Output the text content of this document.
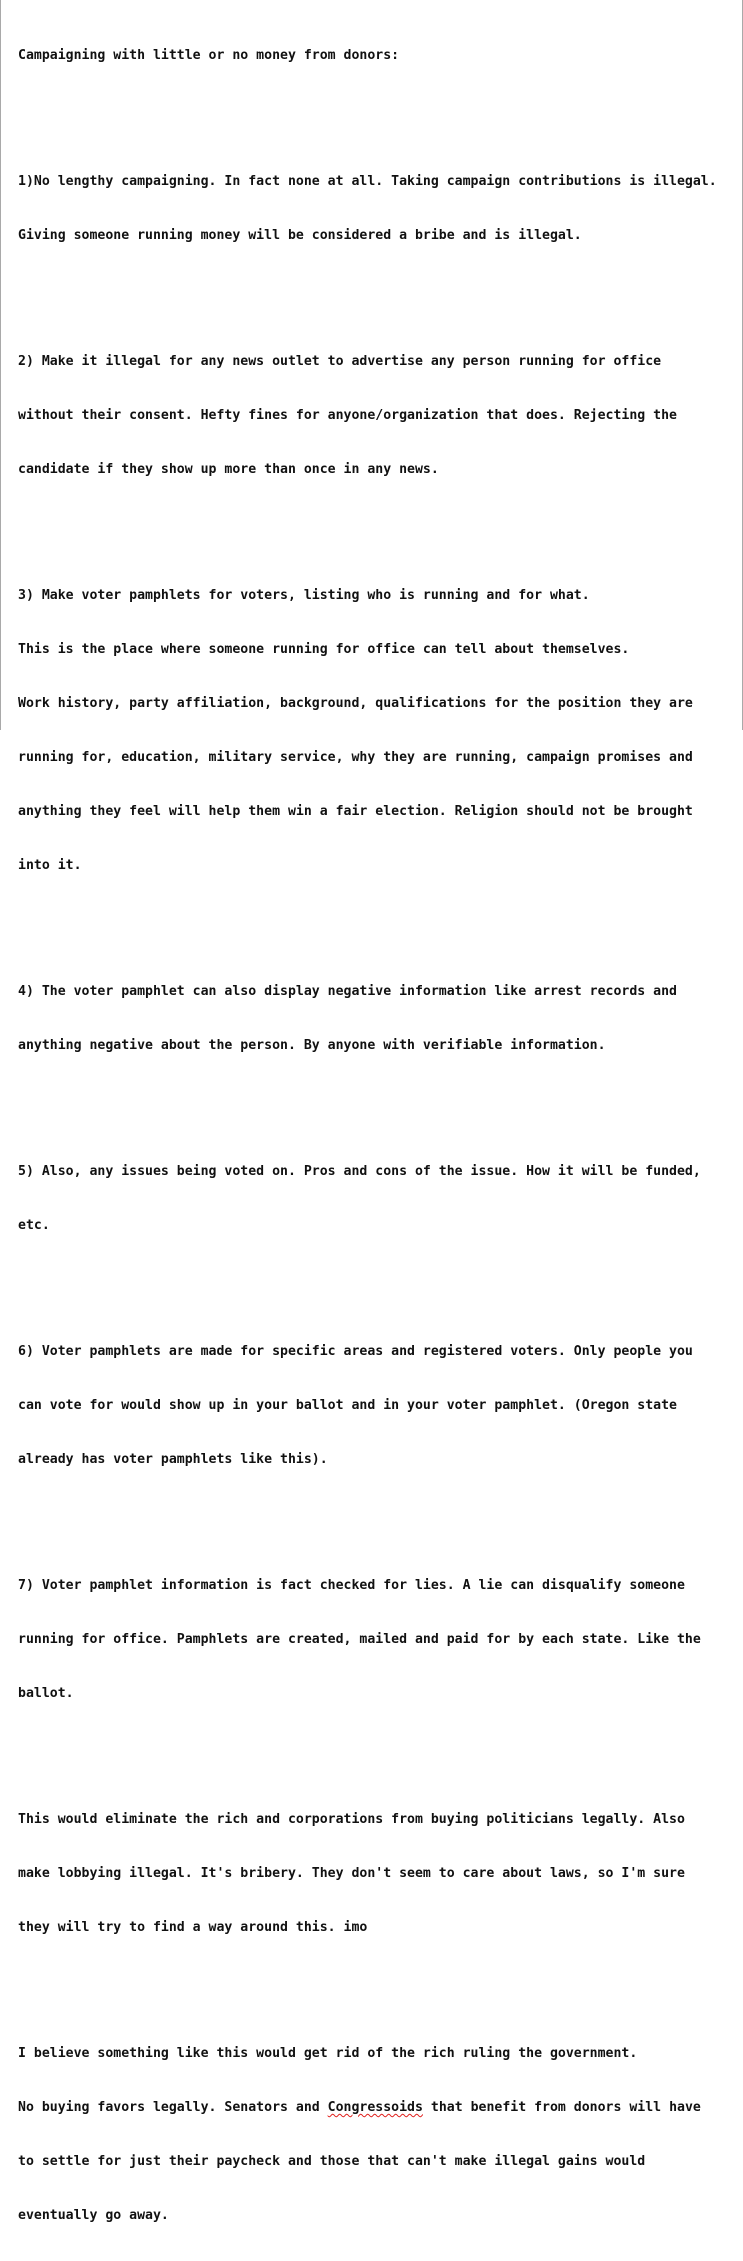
Campaigning with little or no money from donors:

1)No lengthy campaigning. In fact none at all. Taking campaign contributions is illegal.

Giving someone running money will be considered a bribe and is illegal.

2) Make it illegal for any news outlet to advertise any person running for office

without their consent. Hefty fines for anyone/organization that does. Rejecting the

candidate if they show up more than once in any news.

3) Make voter pamphlets for voters, listing who is running and for what.

This is the place where someone running for office can tell about themselves.

Work history, party affiliation, background, qualifications for the position they are

running for, education, military service, why they are running, campaign promises and

anything they feel will help them win a fair election. Religion should not be brought

into it.

4) The voter pamphlet can also display negative information like arrest records and

anything negative about the person. By anyone with verifiable information.

5) Also, any issues being voted on. Pros and cons of the issue. How it will be funded,

etc.

6) Voter pamphlets are made for specific areas and registered voters. Only people you

can vote for would show up in your ballot and in your voter pamphlet. (Oregon state

already has voter pamphlets like this).

7) Voter pamphlet information is fact checked for lies. A lie can disqualify someone

running for office. Pamphlets are created, mailed and paid for by each state. Like the

ballot.

This would eliminate the rich and corporations from buying politicians legally. Also

make lobbying illegal. It's bribery. They don't seem to care about laws, so I'm sure

they will try to find a way around this. imo

I believe something like this would get rid of the rich ruling the government.

No buying favors legally. Senators and Congressoids that benefit from donors will have

to settle for just their paycheck and those that can't make illegal gains would

eventually go away.
